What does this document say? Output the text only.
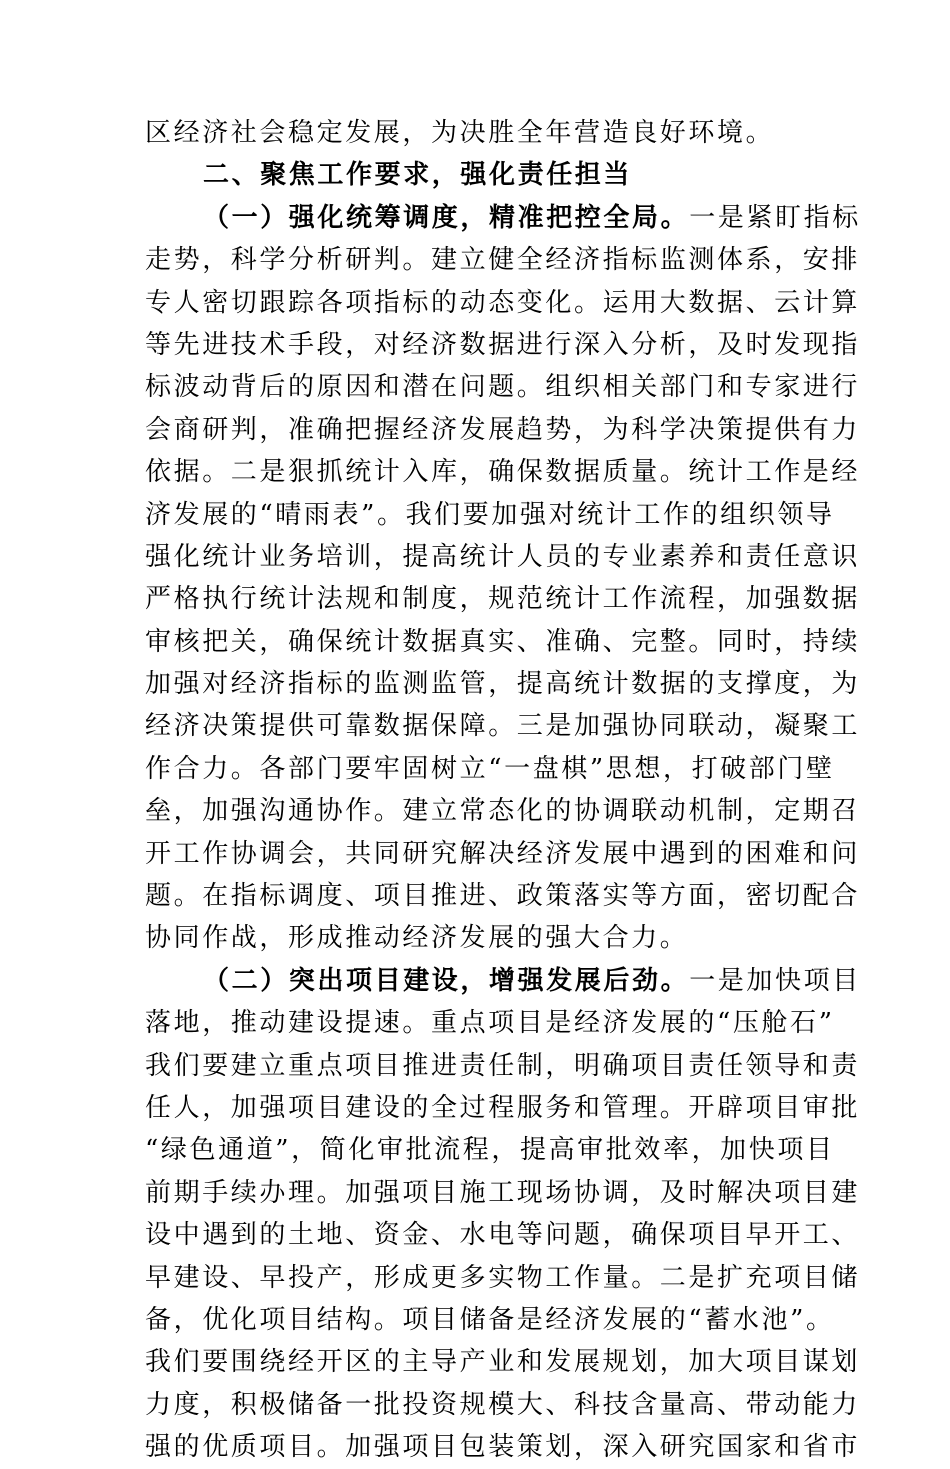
区经济社会稳定发展，为决胜全年营造良好环境。
二、聚焦工作要求，强化责任担当
（一）强化统筹调度，精准把控全局。一是紧盯指标
走势，科学分析研判。建立健全经济指标监测体系，安排
专人密切跟踪各项指标的动态变化。运用大数据、云计算
等先进技术手段，对经济数据进行深入分析，及时发现指
标波动背后的原因和潜在问题。组织相关部门和专家进行
会商研判，准确把握经济发展趋势，为科学决策提供有力
依据。二是狠抓统计入库，确保数据质量。统计工作是经
济发展的“晴雨表”。我们要加强对统计工作的组织领导
强化统计业务培训，提高统计人员的专业素养和责任意识
严格执行统计法规和制度，规范统计工作流程，加强数据
审核把关，确保统计数据真实、准确、完整。同时，持续
加强对经济指标的监测监管，提高统计数据的支撑度，为
经济决策提供可靠数据保障。三是加强协同联动，凝聚工
作合力。各部门要牢固树立“一盘棋”思想，打破部门壁
垒，加强沟通协作。建立常态化的协调联动机制，定期召
开工作协调会，共同研究解决经济发展中遇到的困难和问
题。在指标调度、项目推进、政策落实等方面，密切配合
协同作战，形成推动经济发展的强大合力。
（二）突出项目建设，增强发展后劲。一是加快项目
落地，推动建设提速。重点项目是经济发展的“压舱石”
我们要建立重点项目推进责任制，明确项目责任领导和责
任人，加强项目建设的全过程服务和管理。开辟项目审批
“绿色通道”，简化审批流程，提高审批效率，加快项目
前期手续办理。加强项目施工现场协调，及时解决项目建
设中遇到的土地、资金、水电等问题，确保项目早开工、
早建设、早投产，形成更多实物工作量。二是扩充项目储
备，优化项目结构。项目储备是经济发展的“蓄水池”。
我们要围绕经开区的主导产业和发展规划，加大项目谋划
力度，积极储备一批投资规模大、科技含量高、带动能力
强的优质项目。加强项目包装策划，深入研究国家和省市
